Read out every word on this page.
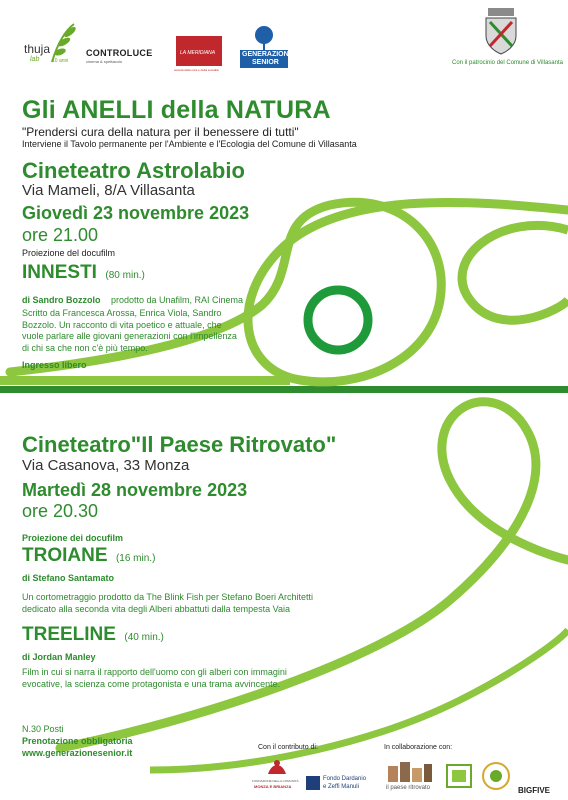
thuja
lab	10 anni
CONTROLUCE
cinema & spettacolo
LA MERIDIANA
società della cura e della socialità
GENERAZIONE
SENIOR	Con il patrocinio del Comune di Villasanta
Gli ANELLI della NATURA
"Prendersi cura della natura per il benessere di tutti"
Interviene il Tavolo permanente per l'Ambiente e l'Ecologia del Comune di Villasanta
Cineteatro Astrolabio
Via Mameli, 8/A Villasanta
Giovedì 23 novembre 2023
ore 21.00
Proiezione del docufilm
INNESTI (80 min.)
di Sandro Bozzolo prodotto da Unafilm, RAI Cinema
Scritto da Francesca Arossa, Enrica Viola, Sandro
Bozzolo. Un racconto di vita poetico e attuale, che
vuole parlare alle giovani generazioni con l'impellenza
di chi sa che non c'è più tempo.
Ingresso libero
Cineteatro"Il Paese Ritrovato"
Via Casanova, 33 Monza
Martedì 28 novembre 2023
ore 20.30
Proiezione dei docufilm
TROIANE (16 min.)
di Stefano Santamato
Un cortometraggio prodotto da The Blink Fish per Stefano Boeri Architetti
dedicato alla seconda vita degli Alberi abbattuti dalla tempesta Vaia
TREELINE (40 min.)
di Jordan Manley
Film in cui si narra il rapporto dell'uomo con gli alberi con immagini
evocative, la scienza come protagonista e una trama avvincente.
N.30 Posti
Prenotazione obbligatoria
www.generazionesenior.it
Con il contributo di:	In collaborazione con:
FONDAZIONE DELLA COMUNITÀ
MONZA E BRIANZA
Fondo Dardanio
e Zeffi Manuli	il paese ritrovato	BIGFIVE
